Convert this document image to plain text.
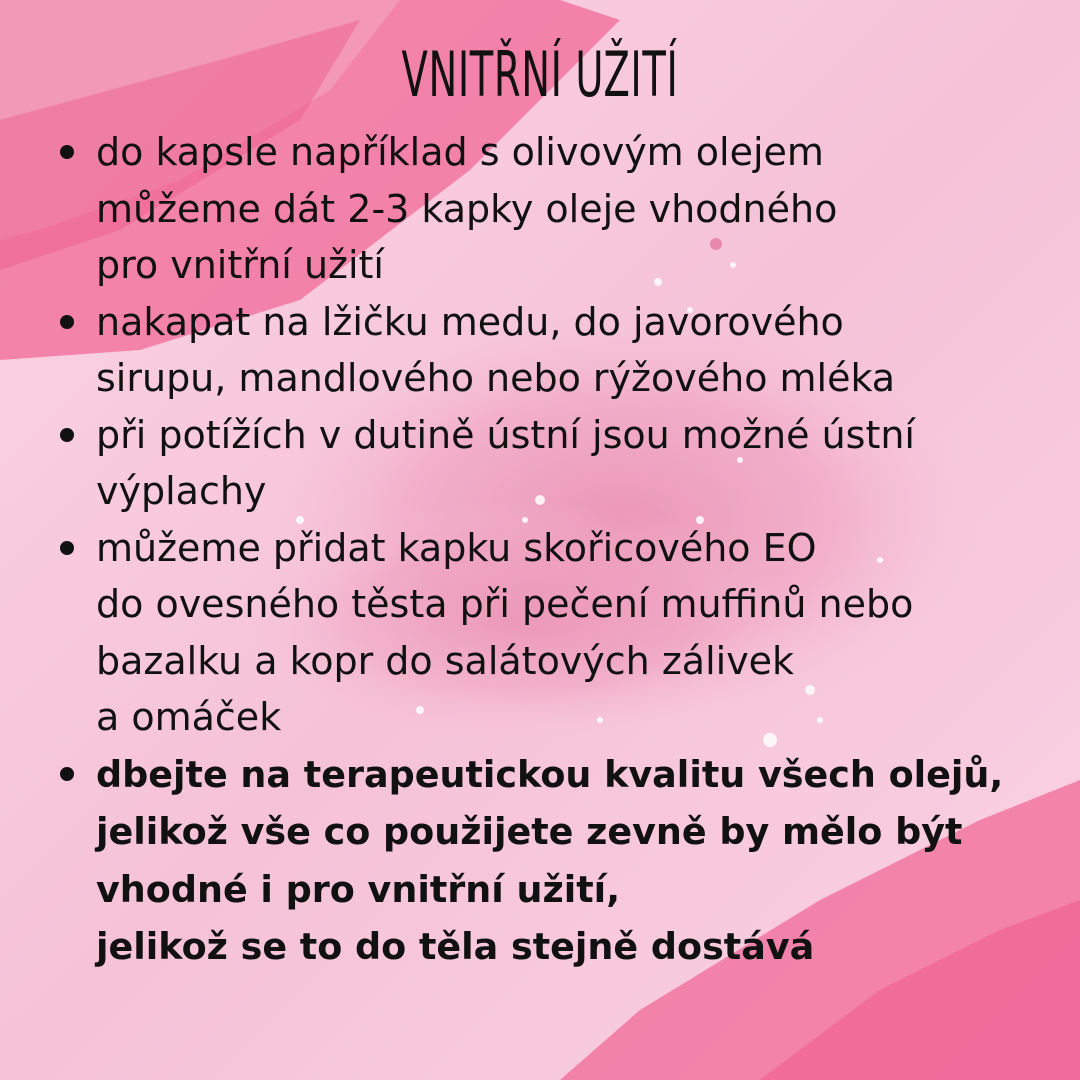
VNITŘNÍ UŽITÍ
do kapsle například s olivovým olejem
můžeme dát 2-3 kapky oleje vhodného
pro vnitřní užití
nakapat na lžičku medu, do javorového
sirupu, mandlového nebo rýžového mléka
při potížích v dutině ústní jsou možné ústní
výplachy
můžeme přidat kapku skořicového EO
do ovesného těsta při pečení muffinů nebo
bazalku a kopr do salátových zálivek
a omáček
dbejte na terapeutickou kvalitu všech olejů,
jelikož vše co použijete zevně by mělo být
vhodné i pro vnitřní užití,
jelikož se to do těla stejně dostává
